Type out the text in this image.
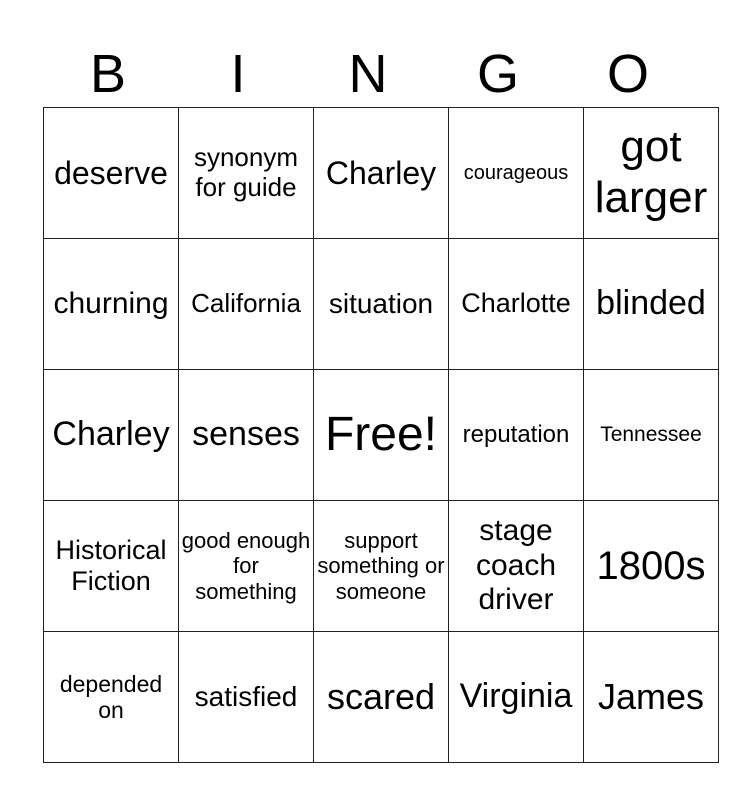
B	I	N	G	O
deserve	synonym for guide	Charley	courageous	got larger
churning	California	situation	Charlotte	blinded
Charley	senses	Free!	reputation	Tennessee
Historical Fiction	good enough for something	support something or someone	stage coach driver	1800s
depended on	satisfied	scared	Virginia	James
